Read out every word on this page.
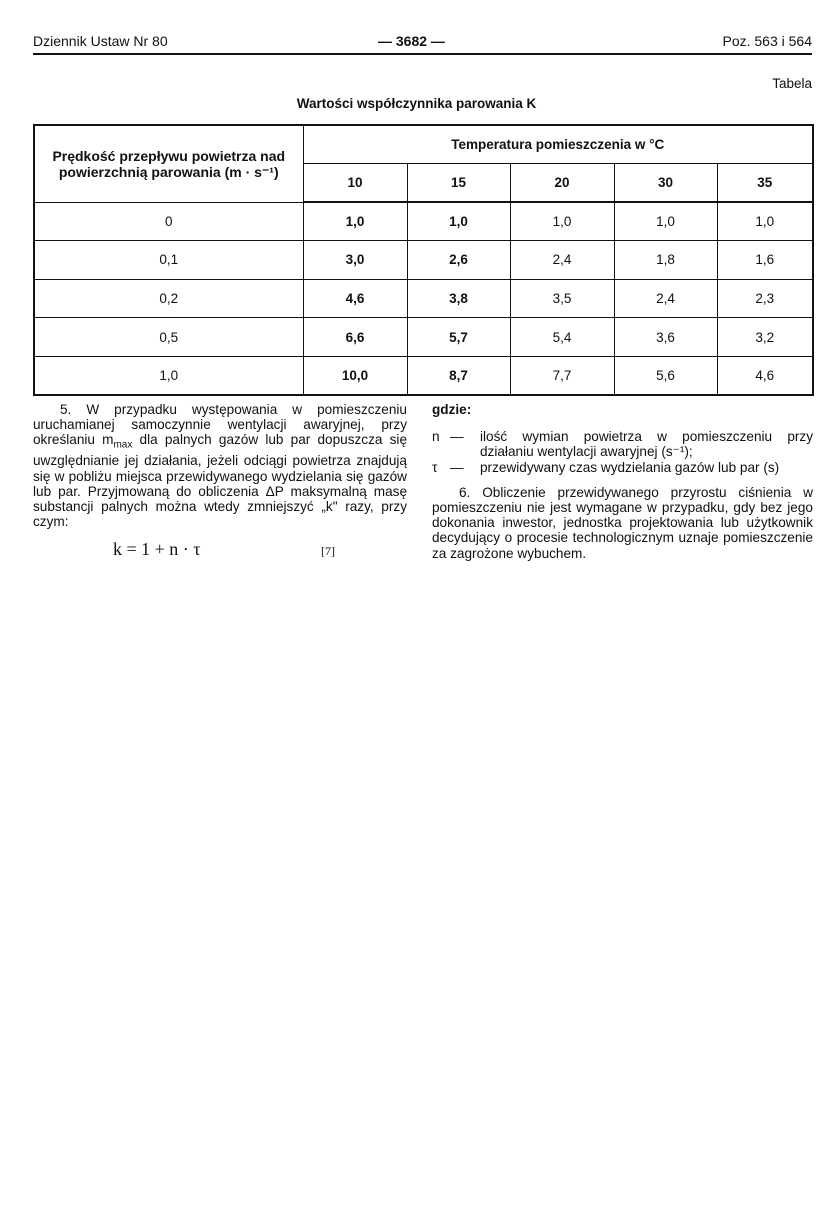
Dziennik Ustaw Nr 80	— 3682 —	Poz. 563 i 564
Tabela
Wartości współczynnika parowania K
Prędkość przepływu powietrza nad powierzchnią parowania (m · s⁻¹)	Temperatura pomieszczenia w °C				
	10	15	20	30	35
0	1,0	1,0	1,0	1,0	1,0
0,1	3,0	2,6	2,4	1,8	1,6
0,2	4,6	3,8	3,5	2,4	2,3
0,5	6,6	5,7	5,4	3,6	3,2
1,0	10,0	8,7	7,7	5,6	4,6

5. W przypadku występowania w pomieszczeniu uruchamianej samoczynnie wentylacji awaryjnej, przy określaniu $m_{max}$ dla palnych gazów lub par dopuszcza się uwzględnianie jej działania, jeżeli odciągi powietrza znajdują się w pobliżu miejsca przewidywanego wydzielania się gazów lub par. Przyjmowaną do obliczenia ΔP maksymalną masę substancji palnych można wtedy zmniejszyć „k" razy, przy czym:

k = 1 + n · τ	[7]

gdzie:

n —	ilość wymian powietrza w pomieszczeniu przy działaniu wentylacji awaryjnej (s⁻¹);
τ —	przewidywany czas wydzielania gazów lub par (s)

6. Obliczenie przewidywanego przyrostu ciśnienia w pomieszczeniu nie jest wymagane w przypadku, gdy bez jego dokonania inwestor, jednostka projektowania lub użytkownik decydujący o procesie technologicznym uznaje pomieszczenie za zagrożone wybuchem.
